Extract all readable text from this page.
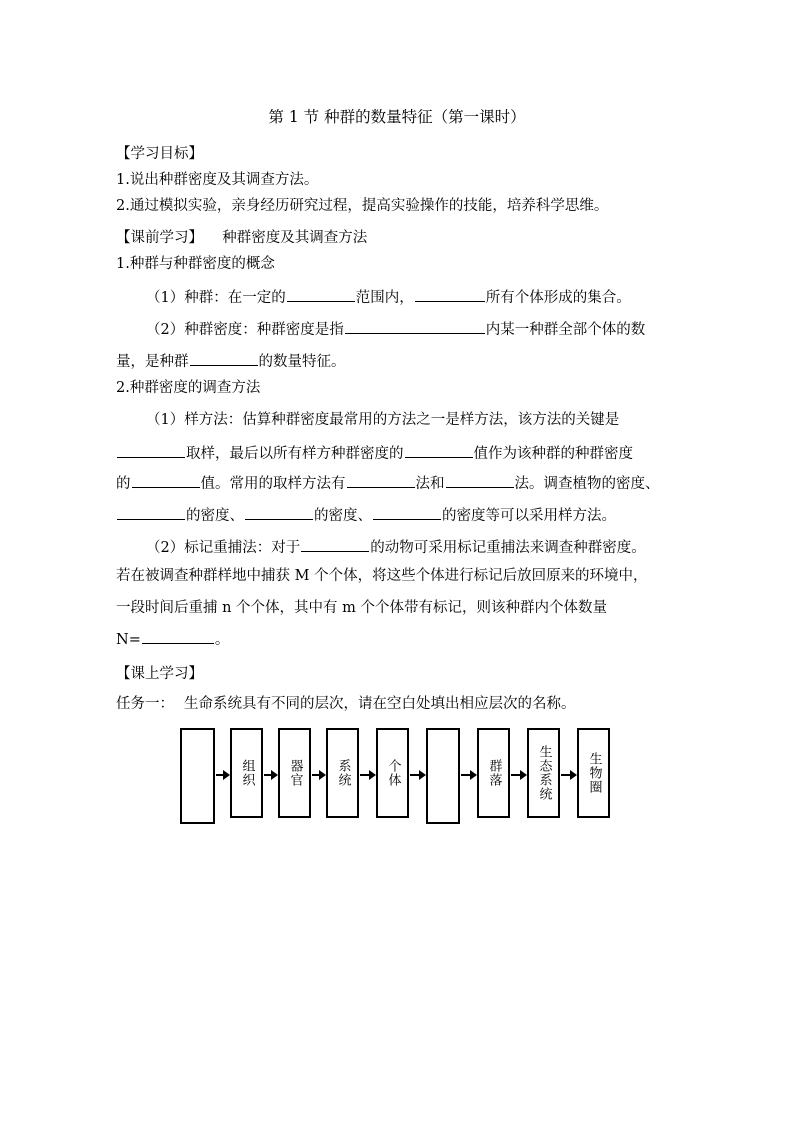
第 1 节 种群的数量特征（第一课时）
【学习目标】
1.说出种群密度及其调查方法。
2.通过模拟实验，亲身经历研究过程，提高实验操作的技能，培养科学思维。
【课前学习】 种群密度及其调查方法
1.种群与种群密度的概念
（1）种群：在一定的	范围内，	所有个体形成的集合。
（2）种群密度：种群密度是指	内某一种群全部个体的数
量，是种群	的数量特征。
2.种群密度的调查方法
（1）样方法：估算种群密度最常用的方法之一是样方法，该方法的关键是
取样，最后以所有样方种群密度的	值作为该种群的种群密度
的	值。常用的取样方法有	法和	法。调查植物的密度、
的密度、	的密度、	的密度等可以采用样方法。
（2）标记重捕法：对于	的动物可采用标记重捕法来调查种群密度。
若在被调查种群样地中捕获 M 个个体，将这些个体进行标记后放回原来的环境中，
一段时间后重捕 n 个个体，其中有 m 个个体带有标记，则该种群内个体数量
N=	。
【课上学习】
任务一： 生命系统具有不同的层次，请在空白处填出相应层次的名称。
组织	器官	系统	个体	群落	生态系统	生物圈
